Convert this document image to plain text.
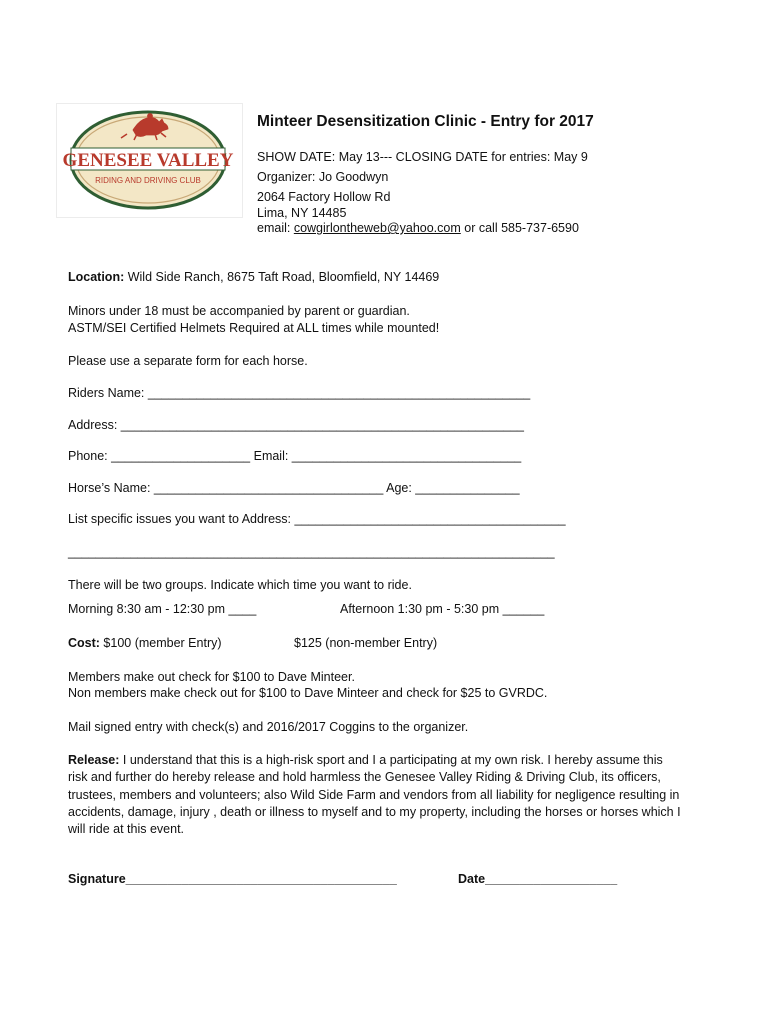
GENESEE VALLEY
RIDING AND DRIVING CLUB
Minteer Desensitization Clinic - Entry for 2017
SHOW DATE: May 13--- CLOSING DATE for entries: May 9
Organizer: Jo Goodwyn
2064 Factory Hollow Rd
Lima, NY 14485
email: cowgirlontheweb@yahoo.com or call 585-737-6590
Location: Wild Side Ranch, 8675 Taft Road, Bloomfield, NY 14469
Minors under 18 must be accompanied by parent or guardian.
ASTM/SEI Certified Helmets Required at ALL times while mounted!
Please use a separate form for each horse.
Riders Name: _______________________________________________________
Address: __________________________________________________________
Phone: ____________________ Email: _________________________________
Horse’s Name: _________________________________ Age: _______________
List specific issues you want to Address: _______________________________________
______________________________________________________________________
There will be two groups. Indicate which time you want to ride.
Morning 8:30 am - 12:30 pm ____	Afternoon 1:30 pm - 5:30 pm ______
Cost: $100 (member Entry)	$125 (non-member Entry)
Members make out check for $100 to Dave Minteer.
Non members make check out for $100 to Dave Minteer and check for $25 to GVRDC.
Mail signed entry with check(s) and 2016/2017 Coggins to the organizer.
Release: I understand that this is a high-risk sport and I a participating at my own risk. I hereby assume this risk and further do hereby release and hold harmless the Genesee Valley Riding & Driving Club, its officers, trustees, members and volunteers; also Wild Side Farm and vendors from all liability for negligence resulting in accidents, damage, injury , death or illness to myself and to my property, including the horses or horses which I will ride at this event.
Signature_______________________________________	Date___________________
